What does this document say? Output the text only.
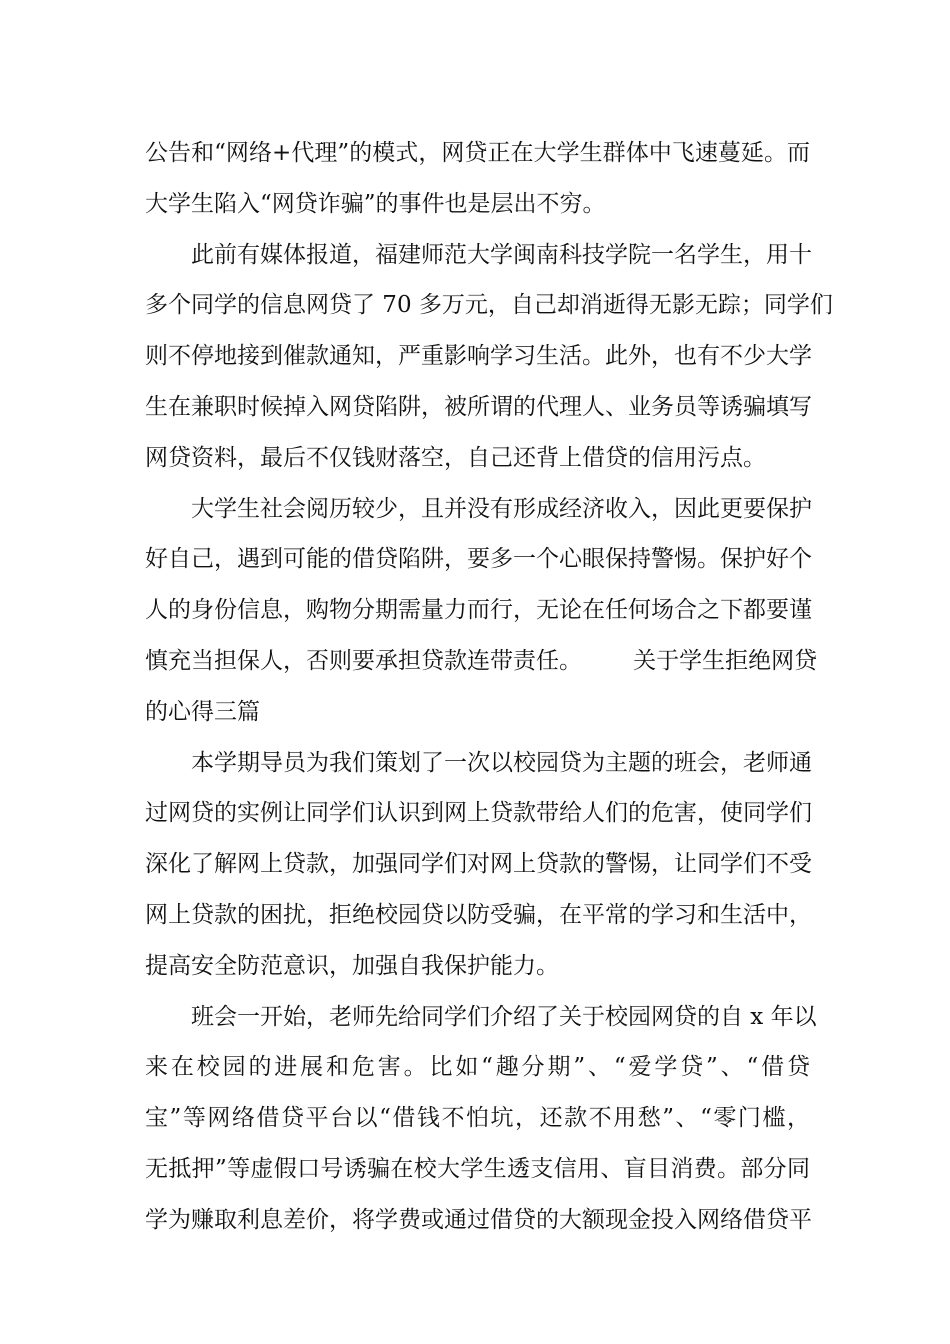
公告和“网络+代理”的模式，网贷正在大学生群体中飞速蔓延。而
大学生陷入“网贷诈骗”的事件也是层出不穷。
此前有媒体报道，福建师范大学闽南科技学院一名学生，用十
多个同学的信息网贷了 70 多万元，自己却消逝得无影无踪；同学们
则不停地接到催款通知，严重影响学习生活。此外，也有不少大学
生在兼职时候掉入网贷陷阱，被所谓的代理人、业务员等诱骗填写
网贷资料，最后不仅钱财落空，自己还背上借贷的信用污点。
大学生社会阅历较少，且并没有形成经济收入，因此更要保护
好自己，遇到可能的借贷陷阱，要多一个心眼保持警惕。保护好个
人的身份信息，购物分期需量力而行，无论在任何场合之下都要谨
慎充当担保人，否则要承担贷款连带责任。       关于学生拒绝网贷
的心得三篇
本学期导员为我们策划了一次以校园贷为主题的班会，老师通
过网贷的实例让同学们认识到网上贷款带给人们的危害，使同学们
深化了解网上贷款，加强同学们对网上贷款的警惕，让同学们不受
网上贷款的困扰，拒绝校园贷以防受骗，在平常的学习和生活中，
提高安全防范意识，加强自我保护能力。
班会一开始，老师先给同学们介绍了关于校园网贷的自 x 年以
来在校园的进展和危害。比如“趣分期”、“爱学贷”、“借贷
宝”等网络借贷平台以“借钱不怕坑，还款不用愁”、“零门槛，
无抵押”等虚假口号诱骗在校大学生透支信用、盲目消费。部分同
学为赚取利息差价，将学费或通过借贷的大额现金投入网络借贷平
